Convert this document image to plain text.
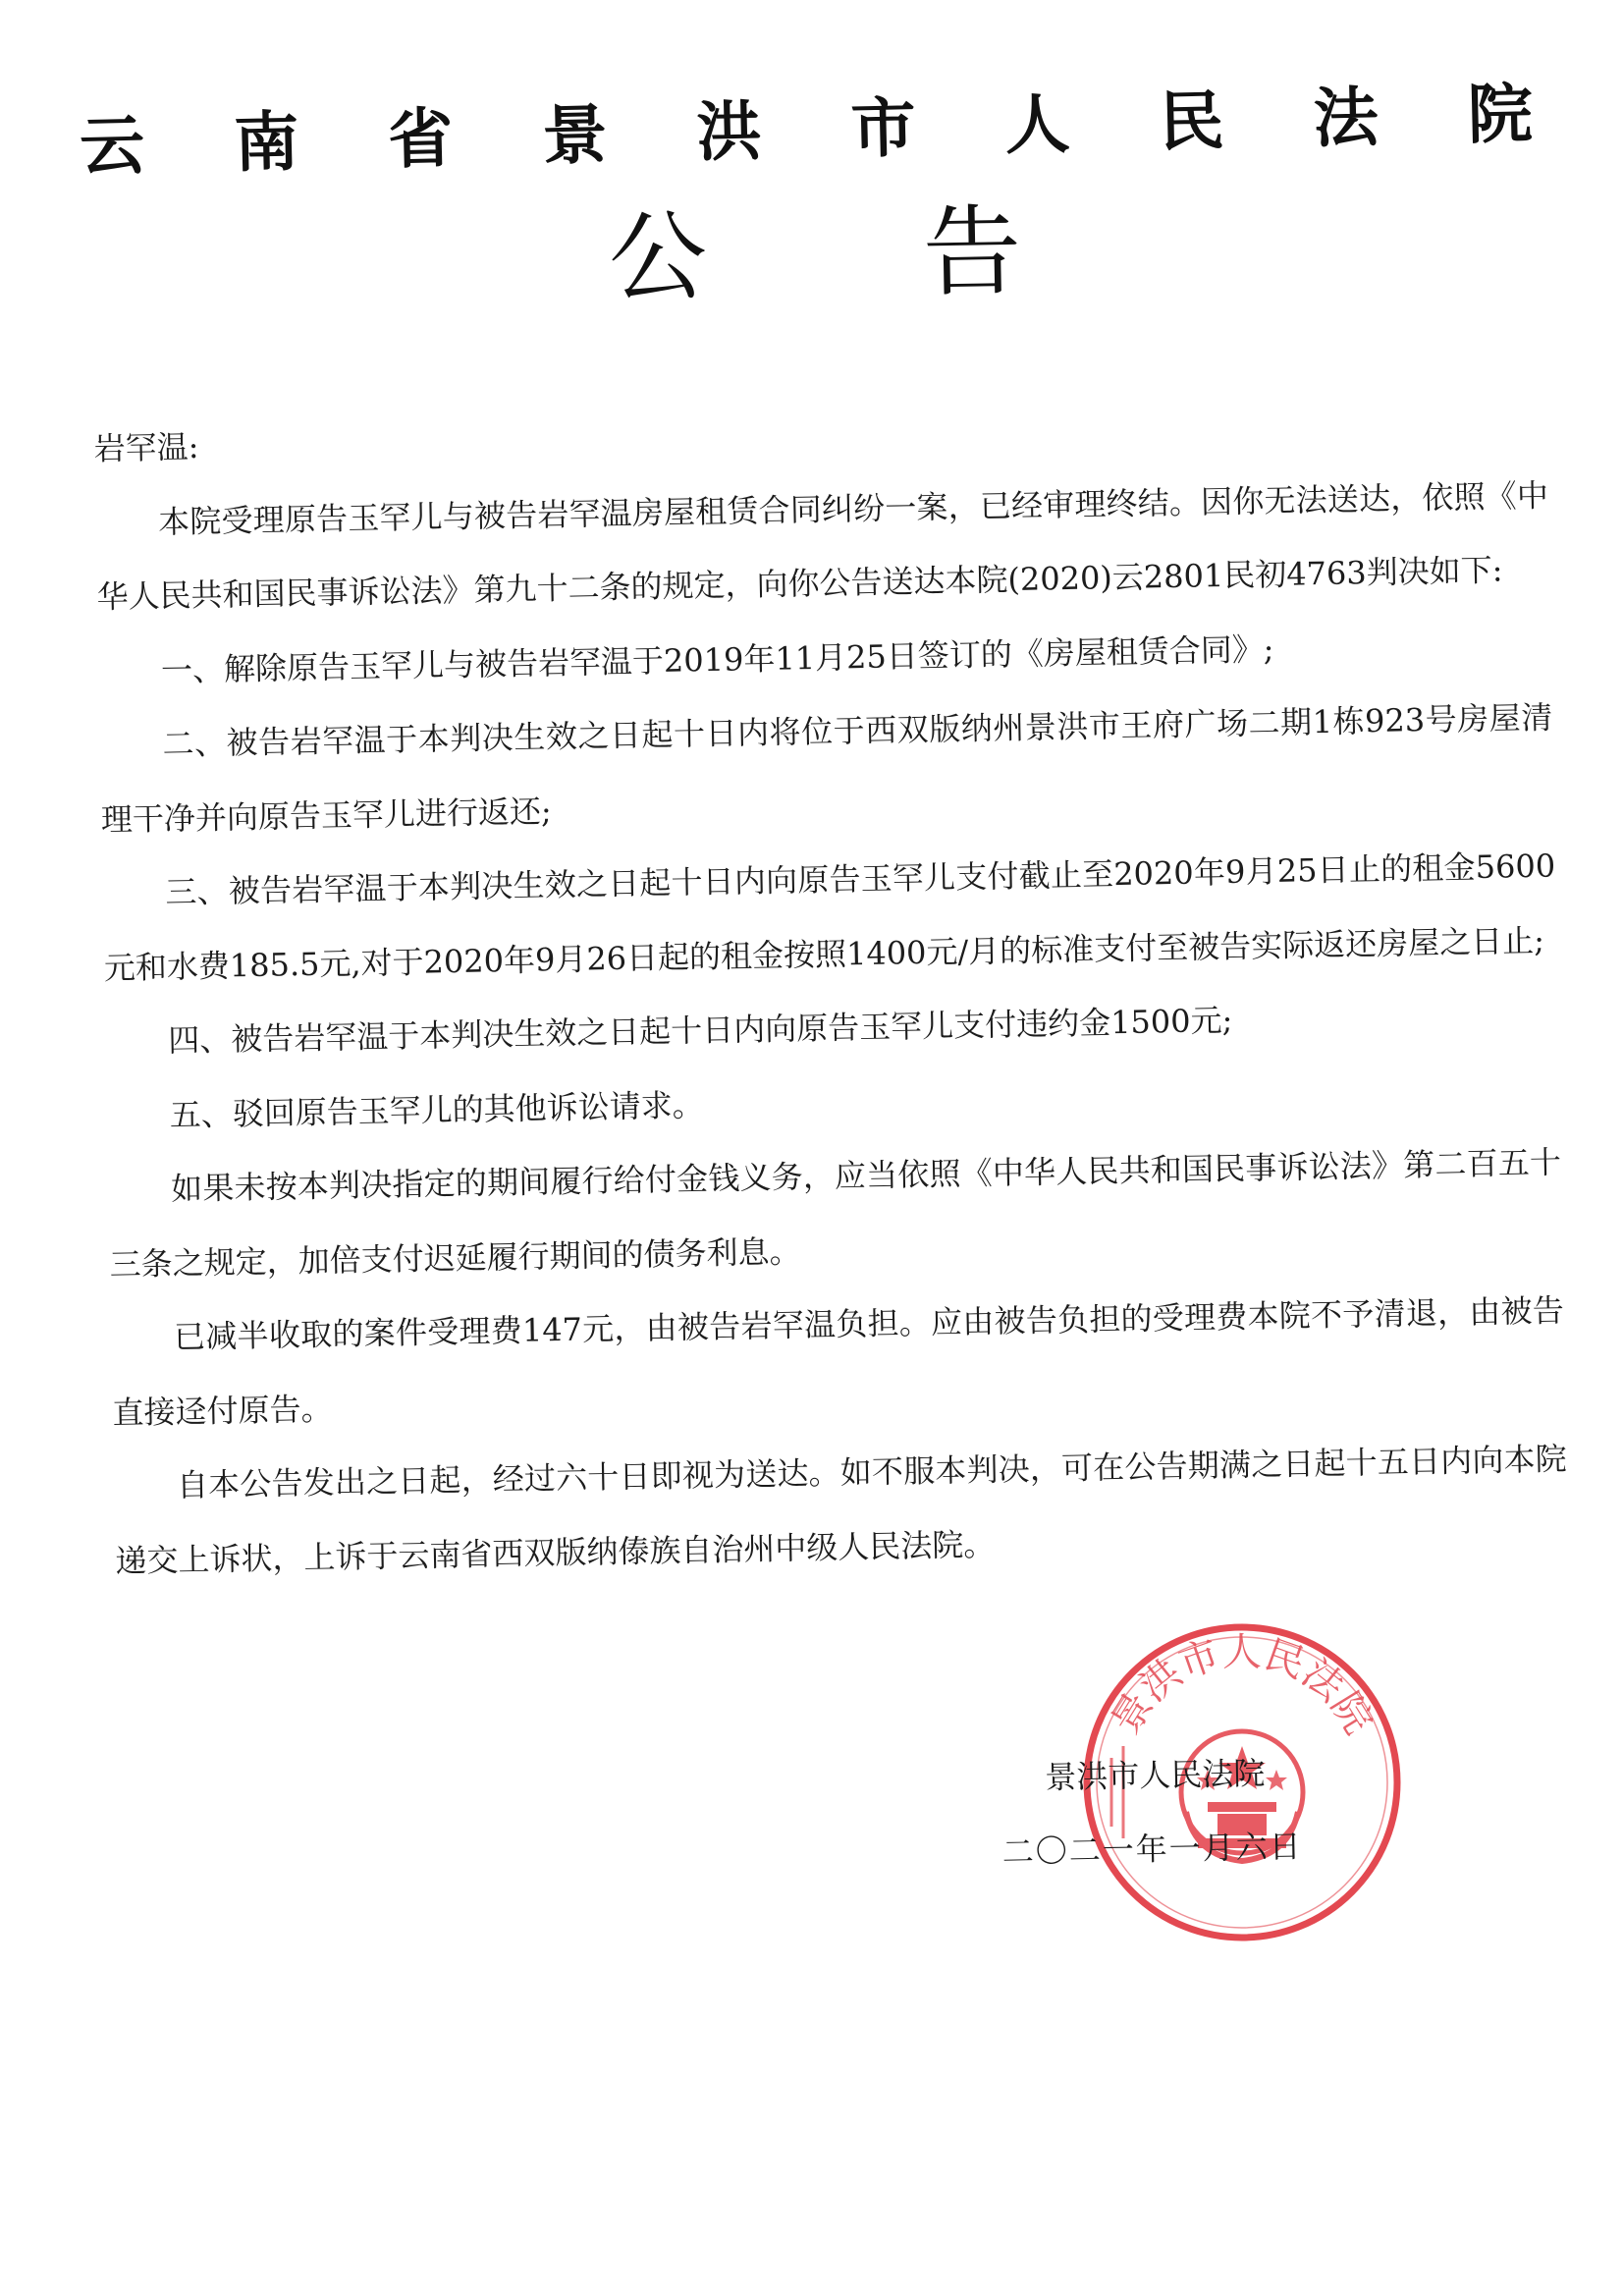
云 南 省 景 洪 市 人 民 法 院
公 告

岩罕温:

本院受理原告玉罕儿与被告岩罕温房屋租赁合同纠纷一案，已经审理终结。因你无法送达，依照《中华人民共和国民事诉讼法》第九十二条的规定，向你公告送达本院(2020)云2801民初4763判决如下:

一、解除原告玉罕儿与被告岩罕温于2019年11月25日签订的《房屋租赁合同》;

二、被告岩罕温于本判决生效之日起十日内将位于西双版纳州景洪市王府广场二期1栋923号房屋清理干净并向原告玉罕儿进行返还;

三、被告岩罕温于本判决生效之日起十日内向原告玉罕儿支付截止至2020年9月25日止的租金5600元和水费185.5元,对于2020年9月26日起的租金按照1400元/月的标准支付至被告实际返还房屋之日止;

四、被告岩罕温于本判决生效之日起十日内向原告玉罕儿支付违约金1500元;

五、驳回原告玉罕儿的其他诉讼请求。

如果未按本判决指定的期间履行给付金钱义务，应当依照《中华人民共和国民事诉讼法》第二百五十三条之规定，加倍支付迟延履行期间的债务利息。

已减半收取的案件受理费147元，由被告岩罕温负担。应由被告负担的受理费本院不予清退，由被告直接迳付原告。

自本公告发出之日起，经过六十日即视为送达。如不服本判决，可在公告期满之日起十五日内向本院递交上诉状，上诉于云南省西双版纳傣族自治州中级人民法院。

景洪市人民法院
景洪市人民法院
二〇二一年一月六日
